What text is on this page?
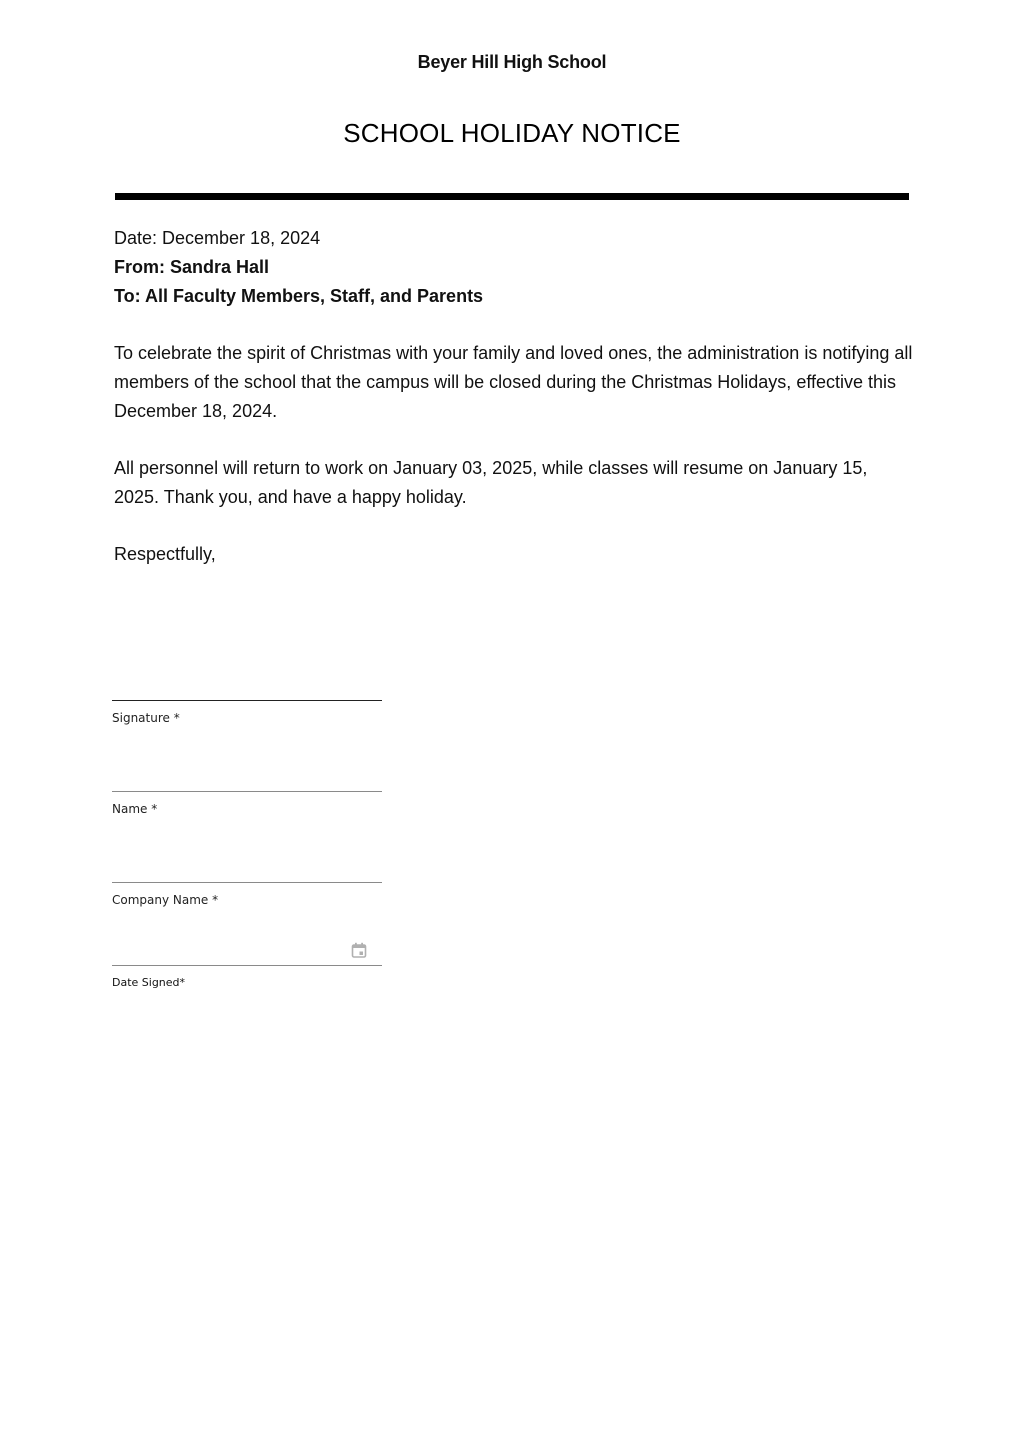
Beyer Hill High School
SCHOOL HOLIDAY NOTICE
Date: December 18, 2024
From: Sandra Hall
To: All Faculty Members, Staff, and Parents

To celebrate the spirit of Christmas with your family and loved ones, the administration is notifying all members of the school that the campus will be closed during the Christmas Holidays, effective this December 18, 2024.

All personnel will return to work on January 03, 2025, while classes will resume on January 15, 2025. Thank you, and have a happy holiday.

Respectfully,

Signature *
Name *
Company Name *
Date Signed*
